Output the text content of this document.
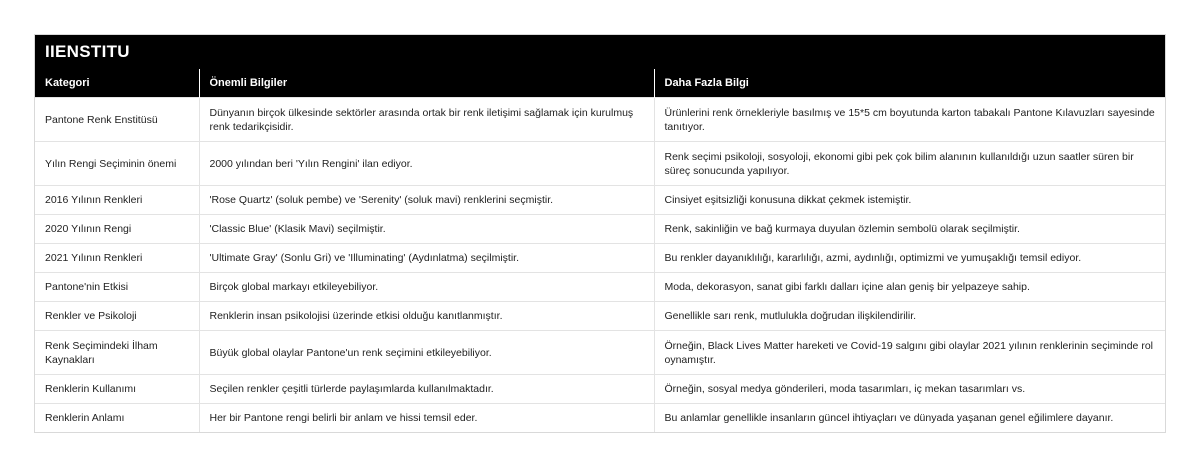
IIENSTITU
Kategori	Önemli Bilgiler	Daha Fazla Bilgi
Pantone Renk Enstitüsü	Dünyanın birçok ülkesinde sektörler arasında ortak bir renk iletişimi sağlamak için kurulmuş renk tedarikçisidir.	Ürünlerini renk örnekleriyle basılmış ve 15*5 cm boyutunda karton tabakalı Pantone Kılavuzları sayesinde tanıtıyor.
Yılın Rengi Seçiminin önemi	2000 yılından beri 'Yılın Rengini' ilan ediyor.	Renk seçimi psikoloji, sosyoloji, ekonomi gibi pek çok bilim alanının kullanıldığı uzun saatler süren bir süreç sonucunda yapılıyor.
2016 Yılının Renkleri	'Rose Quartz' (soluk pembe) ve 'Serenity' (soluk mavi) renklerini seçmiştir.	Cinsiyet eşitsizliği konusuna dikkat çekmek istemiştir.
2020 Yılının Rengi	'Classic Blue' (Klasik Mavi) seçilmiştir.	Renk, sakinliğin ve bağ kurmaya duyulan özlemin sembolü olarak seçilmiştir.
2021 Yılının Renkleri	'Ultimate Gray' (Sonlu Gri) ve 'Illuminating' (Aydınlatma) seçilmiştir.	Bu renkler dayanıklılığı, kararlılığı, azmi, aydınlığı, optimizmi ve yumuşaklığı temsil ediyor.
Pantone'nin Etkisi	Birçok global markayı etkileyebiliyor.	Moda, dekorasyon, sanat gibi farklı dalları içine alan geniş bir yelpazeye sahip.
Renkler ve Psikoloji	Renklerin insan psikolojisi üzerinde etkisi olduğu kanıtlanmıştır.	Genellikle sarı renk, mutlulukla doğrudan ilişkilendirilir.
Renk Seçimindeki İlham Kaynakları	Büyük global olaylar Pantone'un renk seçimini etkileyebiliyor.	Örneğin, Black Lives Matter hareketi ve Covid-19 salgını gibi olaylar 2021 yılının renklerinin seçiminde rol oynamıştır.
Renklerin Kullanımı	Seçilen renkler çeşitli türlerde paylaşımlarda kullanılmaktadır.	Örneğin, sosyal medya gönderileri, moda tasarımları, iç mekan tasarımları vs.
Renklerin Anlamı	Her bir Pantone rengi belirli bir anlam ve hissi temsil eder.	Bu anlamlar genellikle insanların güncel ihtiyaçları ve dünyada yaşanan genel eğilimlere dayanır.
